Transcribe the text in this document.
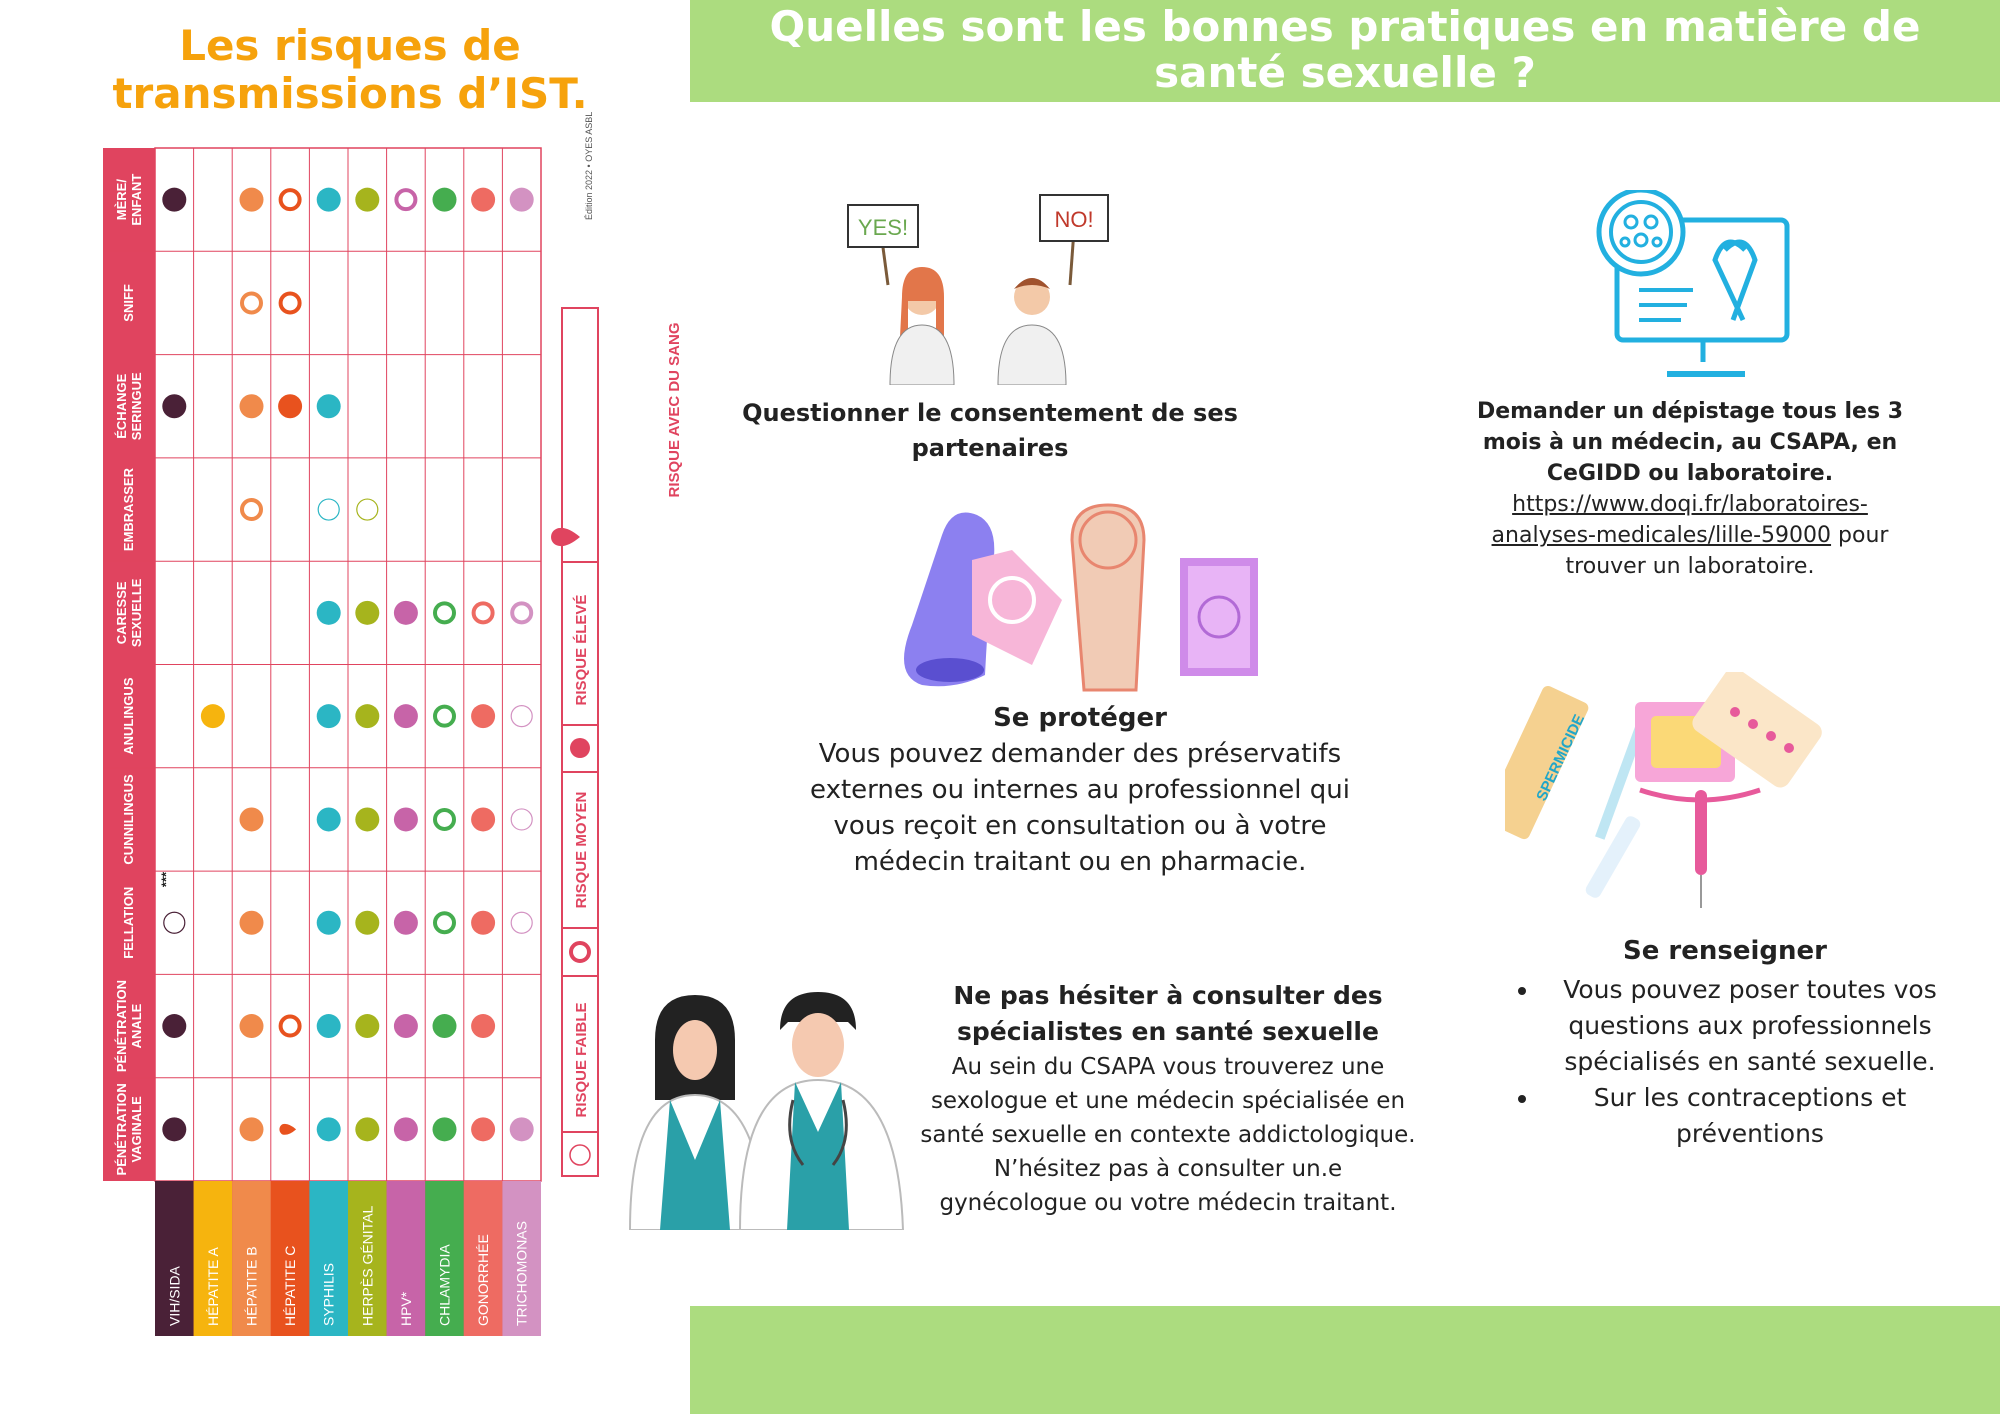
Les risques de transmissions d’IST.
MÈRE/ENFANT
SNIFF
ÉCHANGESERINGUE
EMBRASSER
CARESSESEXUELLE
ANULINGUS
CUNNILINGUS
FELLATION
PÉNÉTRATIONANALE
PÉNÉTRATIONVAGINALE
VIH/SIDA HÉPATITE A HÉPATITE B HÉPATITE C SYPHILIS HERPÈS GÉNITAL HPV* CHLAMYDIA GONORRHÉE TRICHOMONAS
***
Édition 2022 • OYES ASBL
RISQUE AVEC DU SANG
RISQUE ÉLEVÉ
RISQUE MOYEN
RISQUE FAIBLE
Quelles sont les bonnes pratiques en matière de santé sexuelle ?
YES!	NO!
Questionner le consentement de ses partenaires
Demander un dépistage tous les 3 mois à un médecin, au CSAPA, en CeGIDD ou laboratoire.
https://www.doqi.fr/laboratoires-
analyses-medicales/lille-59000 pour trouver un laboratoire.
Se protéger
Vous pouvez demander des préservatifs externes ou internes au professionnel qui vous reçoit en consultation ou à votre médecin traitant ou en pharmacie.
SPERMICIDE
Se renseigner
• Vous pouvez poser toutes vos questions aux professionnels spécialisés en santé sexuelle.
• Sur les contraceptions et préventions
Ne pas hésiter à consulter des spécialistes en santé sexuelle
Au sein du CSAPA vous trouverez une sexologue et une médecin spécialisée en santé sexuelle en contexte addictologique.
N’hésitez pas à consulter un.e gynécologue ou votre médecin traitant.
